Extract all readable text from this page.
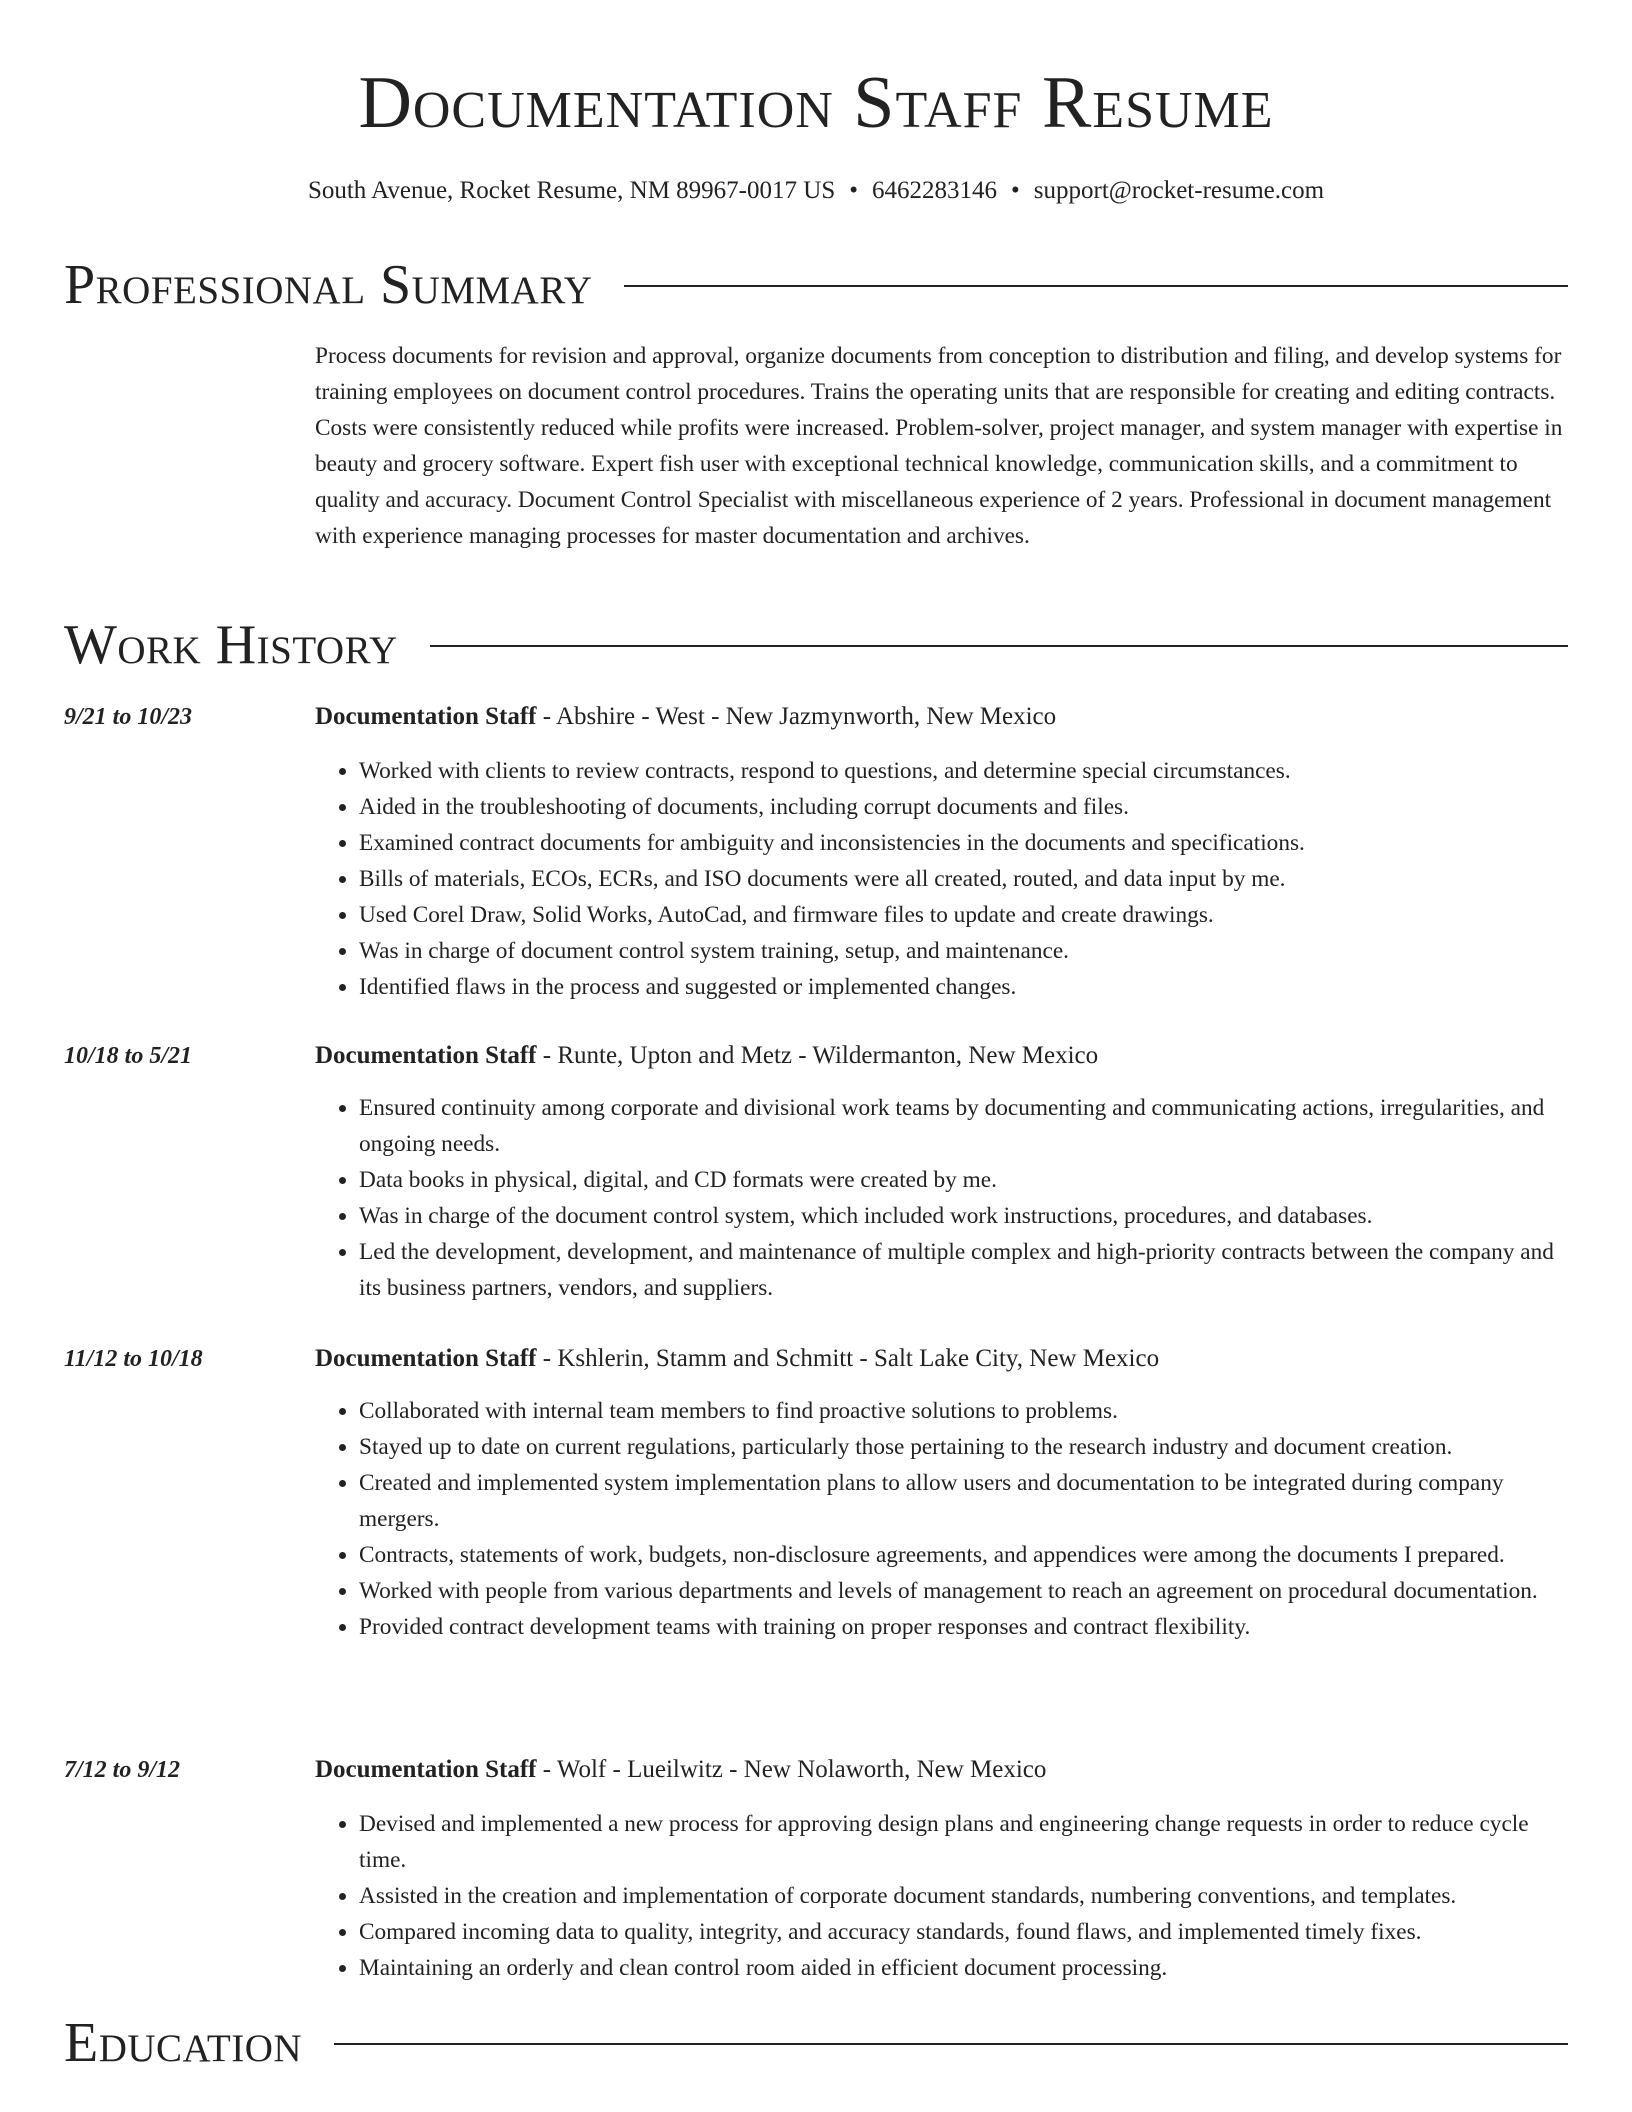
Documentation Staff Resume
South Avenue, Rocket Resume, NM 89967-0017 US • 6462283146 • support@rocket-resume.com
Professional Summary
Process documents for revision and approval, organize documents from conception to distribution and filing, and develop systems for training employees on document control procedures. Trains the operating units that are responsible for creating and editing contracts. Costs were consistently reduced while profits were increased. Problem-solver, project manager, and system manager with expertise in beauty and grocery software. Expert fish user with exceptional technical knowledge, communication skills, and a commitment to quality and accuracy. Document Control Specialist with miscellaneous experience of 2 years. Professional in document management with experience managing processes for master documentation and archives.
Work History
9/21 to 10/23	Documentation Staff - Abshire - West - New Jazmynworth, New Mexico
• Worked with clients to review contracts, respond to questions, and determine special circumstances.
• Aided in the troubleshooting of documents, including corrupt documents and files.
• Examined contract documents for ambiguity and inconsistencies in the documents and specifications.
• Bills of materials, ECOs, ECRs, and ISO documents were all created, routed, and data input by me.
• Used Corel Draw, Solid Works, AutoCad, and firmware files to update and create drawings.
• Was in charge of document control system training, setup, and maintenance.
• Identified flaws in the process and suggested or implemented changes.
10/18 to 5/21	Documentation Staff - Runte, Upton and Metz - Wildermanton, New Mexico
• Ensured continuity among corporate and divisional work teams by documenting and communicating actions, irregularities, and ongoing needs.
• Data books in physical, digital, and CD formats were created by me.
• Was in charge of the document control system, which included work instructions, procedures, and databases.
• Led the development, development, and maintenance of multiple complex and high-priority contracts between the company and its business partners, vendors, and suppliers.
11/12 to 10/18	Documentation Staff - Kshlerin, Stamm and Schmitt - Salt Lake City, New Mexico
• Collaborated with internal team members to find proactive solutions to problems.
• Stayed up to date on current regulations, particularly those pertaining to the research industry and document creation.
• Created and implemented system implementation plans to allow users and documentation to be integrated during company mergers.
• Contracts, statements of work, budgets, non-disclosure agreements, and appendices were among the documents I prepared.
• Worked with people from various departments and levels of management to reach an agreement on procedural documentation.
• Provided contract development teams with training on proper responses and contract flexibility.
7/12 to 9/12	Documentation Staff - Wolf - Lueilwitz - New Nolaworth, New Mexico
• Devised and implemented a new process for approving design plans and engineering change requests in order to reduce cycle time.
• Assisted in the creation and implementation of corporate document standards, numbering conventions, and templates.
• Compared incoming data to quality, integrity, and accuracy standards, found flaws, and implemented timely fixes.
• Maintaining an orderly and clean control room aided in efficient document processing.
Education
